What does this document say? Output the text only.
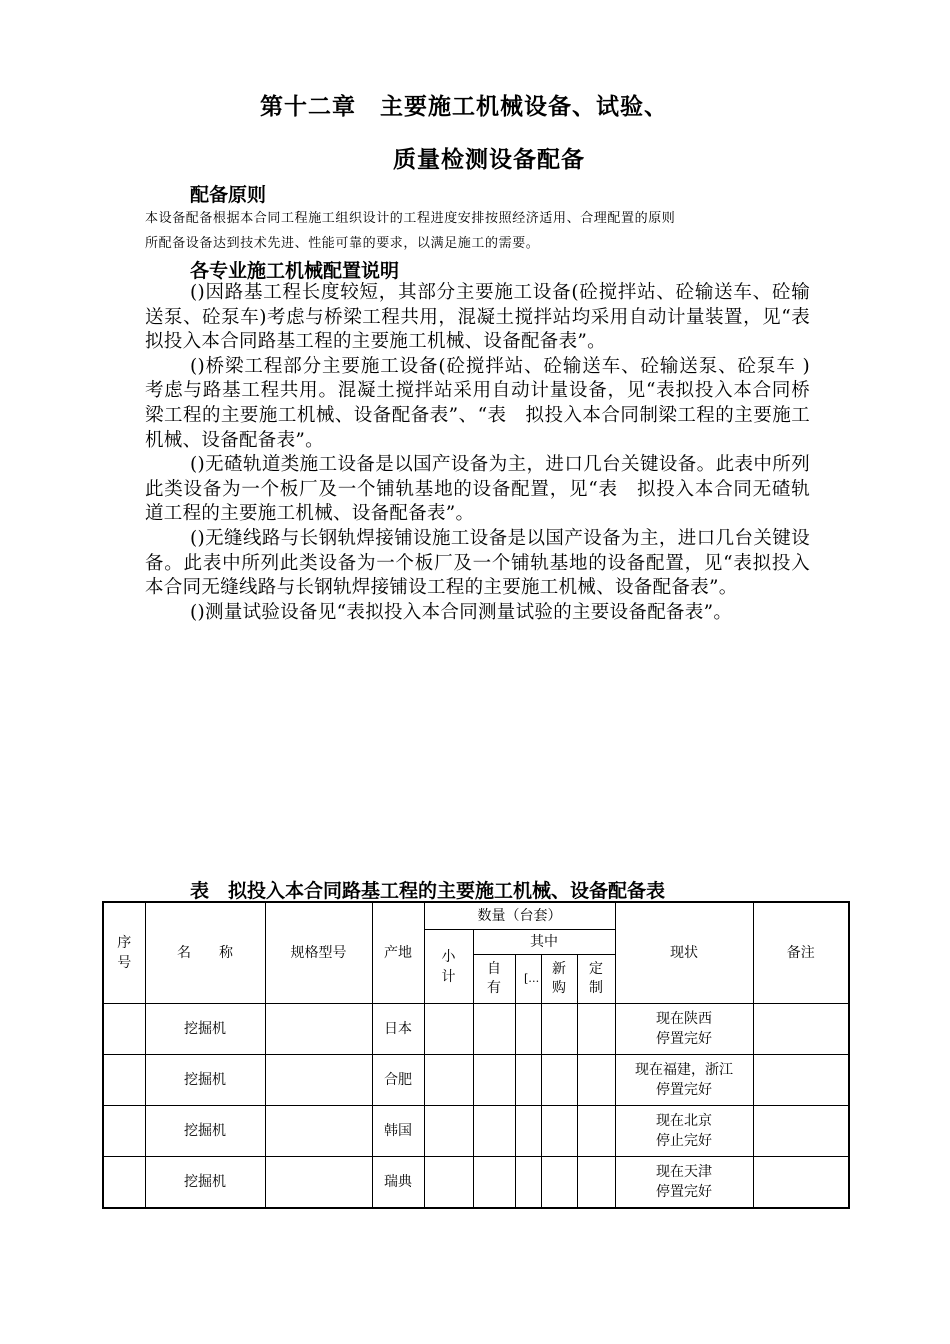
第十二章　主要施工机械设备、试验、
质量检测设备配备
配备原则
本设备配备根据本合同工程施工组织设计的工程进度安排按照经济适用、合理配置的原则
所配备设备达到技术先进、性能可靠的要求，以满足施工的需要。
各专业施工机械配置说明

()因路基工程长度较短，其部分主要施工设备(砼搅拌站、砼输送车、砼输送泵、砼泵车)考虑与桥梁工程共用，混凝土搅拌站均采用自动计量装置，见“表拟投入本合同路基工程的主要施工机械、设备配备表”。

()桥梁工程部分主要施工设备(砼搅拌站、砼输送车、砼输送泵、砼泵车 ) 考虑与路基工程共用。混凝土搅拌站采用自动计量设备，见“表拟投入本合同桥梁工程的主要施工机械、设备配备表”、“表　拟投入本合同制梁工程的主要施工机械、设备配备表”。

()无碴轨道类施工设备是以国产设备为主，进口几台关键设备。此表中所列此类设备为一个板厂及一个铺轨基地的设备配置，见“表　拟投入本合同无碴轨道工程的主要施工机械、设备配备表”。

()无缝线路与长钢轨焊接铺设施工设备是以国产设备为主，进口几台关键设备。此表中所列此类设备为一个板厂及一个铺轨基地的设备配置，见“表拟投入本合同无缝线路与长钢轨焊接铺设工程的主要施工机械、设备配备表”。

()测量试验设备见“表拟投入本合同测量试验的主要设备配备表”。

表　拟投入本合同路基工程的主要施工机械、设备配备表
序号	名　　称	规格型号	产地	数量（台套）					现状	备注
				小计	其中					
					自有	[…	新购	定制		
	挖掘机		日本						现在陕西
停置完好	

	挖掘机		合肥						现在福建，浙江
停置完好	

	挖掘机		韩国						现在北京
停止完好	

	挖掘机		瑞典						现在天津
停置完好	
